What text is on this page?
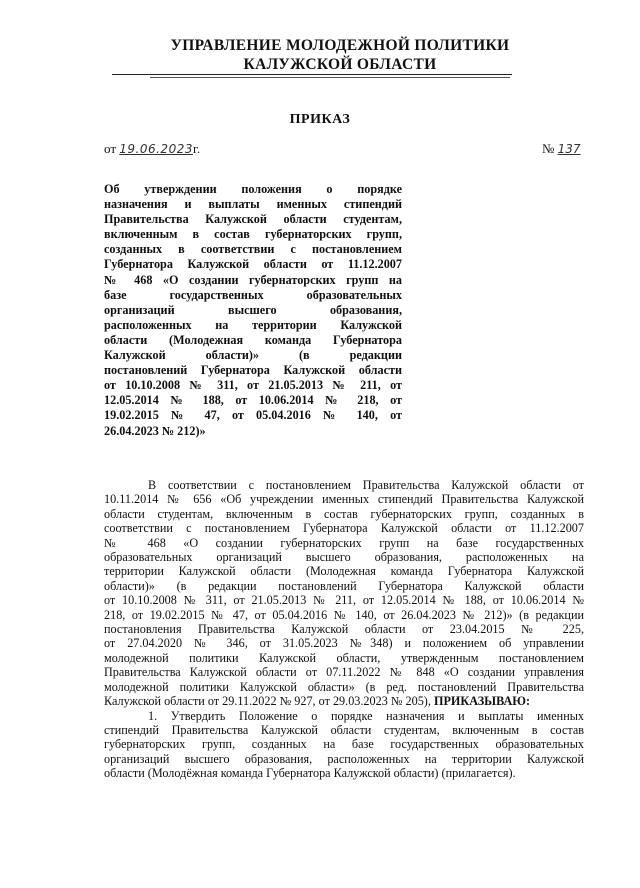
УПРАВЛЕНИЕ МОЛОДЕЖНОЙ ПОЛИТИКИ
КАЛУЖСКОЙ ОБЛАСТИ
ПРИКАЗ
от 19.06.2023г.	№ 137
Об утверждении положения о порядке
назначения и выплаты именных стипендий
Правительства Калужской области студентам,
включенным в состав губернаторских групп,
созданных в соответствии с постановлением
Губернатора Калужской области от 11.12.2007
№ 468 «О создании губернаторских групп на
базе государственных образовательных
организаций высшего образования,
расположенных на территории Калужской
области (Молодежная команда Губернатора
Калужской области)» (в редакции
постановлений Губернатора Калужской области
от 10.10.2008 № 311, от 21.05.2013 № 211, от
12.05.2014 № 188, от 10.06.2014 № 218, от
19.02.2015 № 47, от 05.04.2016 № 140, от
26.04.2023 № 212)»
В соответствии с постановлением Правительства Калужской области от
10.11.2014 № 656 «Об учреждении именных стипендий Правительства Калужской
области студентам, включенным в состав губернаторских групп, созданных в
соответствии с постановлением Губернатора Калужской области от 11.12.2007
№ 468 «О создании губернаторских групп на базе государственных
образовательных организаций высшего образования, расположенных на
территории Калужской области (Молодежная команда Губернатора Калужской
области)» (в редакции постановлений Губернатора Калужской области
от 10.10.2008 № 311, от 21.05.2013 № 211, от 12.05.2014 № 188, от 10.06.2014 №
218, от 19.02.2015 № 47, от 05.04.2016 № 140, от 26.04.2023 № 212)» (в редакции
постановления Правительства Калужской области от 23.04.2015 № 225,
от 27.04.2020 № 346, от 31.05.2023 №348) и положением об управлении
молодежной политики Калужской области, утвержденным постановлением
Правительства Калужской области от 07.11.2022 № 848 «О создании управления
молодежной политики Калужской области» (в ред. постановлений Правительства
Калужской области от 29.11.2022 № 927, от 29.03.2023 № 205), ПРИКАЗЫВАЮ:
1. Утвердить Положение о порядке назначения и выплаты именных
стипендий Правительства Калужской области студентам, включенным в состав
губернаторских групп, созданных на базе государственных образовательных
организаций высшего образования, расположенных на территории Калужской
области (Молодёжная команда Губернатора Калужской области) (прилагается).
